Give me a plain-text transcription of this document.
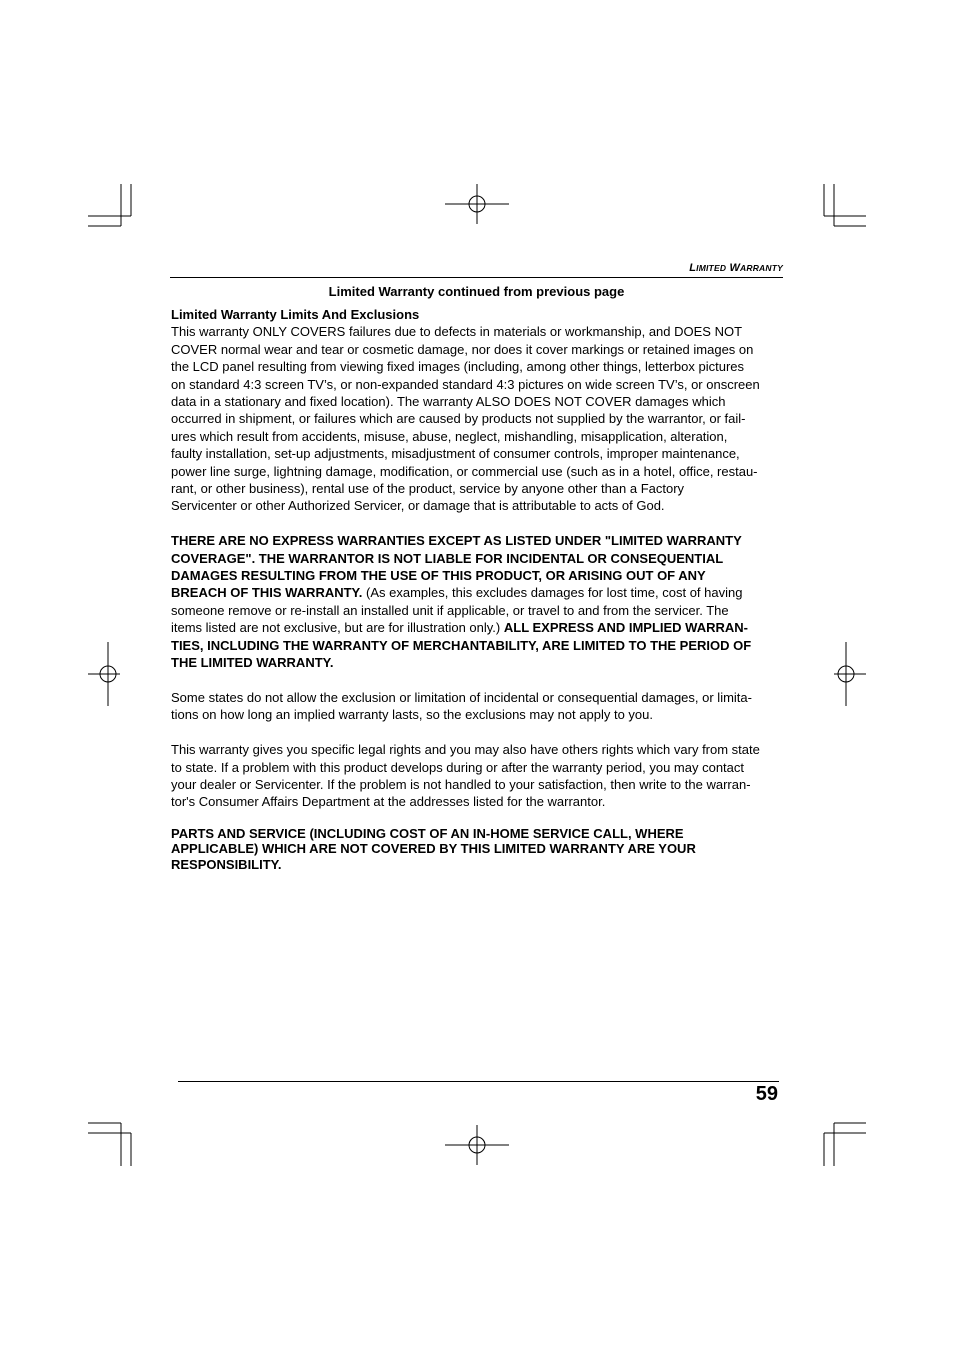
LIMITED WARRANTY
Limited Warranty continued from previous page
Limited Warranty Limits And Exclusions
This warranty ONLY COVERS failures due to defects in materials or workmanship, and DOES NOT
COVER normal wear and tear or cosmetic damage, nor does it cover markings or retained images on
the LCD panel resulting from viewing fixed images (including, among other things, letterbox pictures
on standard 4:3 screen TV’s, or non-expanded standard 4:3 pictures on wide screen TV’s, or onscreen
data in a stationary and fixed location). The warranty ALSO DOES NOT COVER damages which
occurred in shipment, or failures which are caused by products not supplied by the warrantor, or fail-
ures which result from accidents, misuse, abuse, neglect, mishandling, misapplication, alteration,
faulty installation, set-up adjustments, misadjustment of consumer controls, improper maintenance,
power line surge, lightning damage, modification, or commercial use (such as in a hotel, office, restau-
rant, or other business), rental use of the product, service by anyone other than a Factory
Servicenter or other Authorized Servicer, or damage that is attributable to acts of God.
THERE ARE NO EXPRESS WARRANTIES EXCEPT AS LISTED UNDER "LIMITED WARRANTY
COVERAGE". THE WARRANTOR IS NOT LIABLE FOR INCIDENTAL OR CONSEQUENTIAL
DAMAGES RESULTING FROM THE USE OF THIS PRODUCT, OR ARISING OUT OF ANY
BREACH OF THIS WARRANTY. (As examples, this excludes damages for lost time, cost of having
someone remove or re-install an installed unit if applicable, or travel to and from the servicer. The
items listed are not exclusive, but are for illustration only.) ALL EXPRESS AND IMPLIED WARRAN-
TIES, INCLUDING THE WARRANTY OF MERCHANTABILITY, ARE LIMITED TO THE PERIOD OF
THE LIMITED WARRANTY.
Some states do not allow the exclusion or limitation of incidental or consequential damages, or limita-
tions on how long an implied warranty lasts, so the exclusions may not apply to you.
This warranty gives you specific legal rights and you may also have others rights which vary from state
to state. If a problem with this product develops during or after the warranty period, you may contact
your dealer or Servicenter. If the problem is not handled to your satisfaction, then write to the warran-
tor's Consumer Affairs Department at the addresses listed for the warrantor.
PARTS AND SERVICE (INCLUDING COST OF AN IN-HOME SERVICE CALL, WHERE
APPLICABLE) WHICH ARE NOT COVERED BY THIS LIMITED WARRANTY ARE YOUR
RESPONSIBILITY.
59
